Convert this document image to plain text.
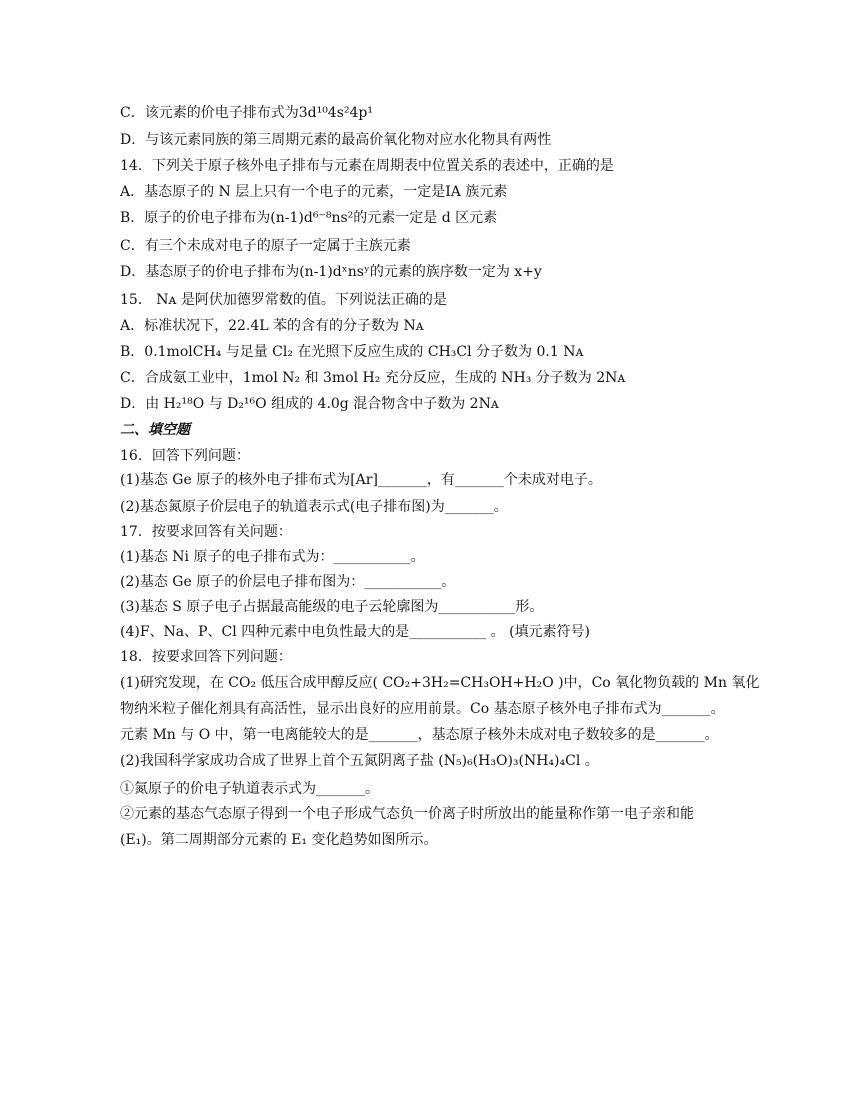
C．该元素的价电子排布式为3d¹⁰4s²4p¹
D．与该元素同族的第三周期元素的最高价氧化物对应水化物具有两性
14．下列关于原子核外电子排布与元素在周期表中位置关系的表述中，正确的是
A．基态原子的 N 层上只有一个电子的元素，一定是IA 族元素
B．原子的价电子排布为(n-1)d⁶⁻⁸ns²的元素一定是 d 区元素
C．有三个未成对电子的原子一定属于主族元素
D．基态原子的价电子排布为(n-1)dˣnsʸ的元素的族序数一定为 x+y
15． Nᴀ 是阿伏加德罗常数的值。下列说法正确的是
A．标准状况下，22.4L 苯的含有的分子数为 Nᴀ
B．0.1molCH₄ 与足量 Cl₂ 在光照下反应生成的 CH₃Cl 分子数为 0.1 Nᴀ
C．合成氨工业中，1mol N₂ 和 3mol H₂ 充分反应，生成的 NH₃ 分子数为 2Nᴀ
D．由 H₂¹⁸O 与 D₂¹⁶O 组成的 4.0g 混合物含中子数为 2Nᴀ
二、填空题
16．回答下列问题：
(1)基态 Ge 原子的核外电子排布式为[Ar]_______，有_______个未成对电子。
(2)基态氮原子价层电子的轨道表示式(电子排布图)为_______。
17．按要求回答有关问题：
(1)基态 Ni 原子的电子排布式为：___________。
(2)基态 Ge 原子的价层电子排布图为：___________。
(3)基态 S 原子电子占据最高能级的电子云轮廓图为___________形。
(4)F、Na、P、Cl 四种元素中电负性最大的是___________ 。 (填元素符号)
18．按要求回答下列问题：
(1)研究发现，在 CO₂ 低压合成甲醇反应( CO₂+3H₂=CH₃OH+H₂O )中，Co 氧化物负载的 Mn 氧化
物纳米粒子催化剂具有高活性，显示出良好的应用前景。Co 基态原子核外电子排布式为_______。
元素 Mn 与 O 中，第一电离能较大的是_______，基态原子核外未成对电子数较多的是_______。
(2)我国科学家成功合成了世界上首个五氮阴离子盐 (N₅)₆(H₃O)₃(NH₄)₄Cl 。
①氮原子的价电子轨道表示式为_______。
②元素的基态气态原子得到一个电子形成气态负一价离子时所放出的能量称作第一电子亲和能
(E₁)。第二周期部分元素的 E₁ 变化趋势如图所示。
